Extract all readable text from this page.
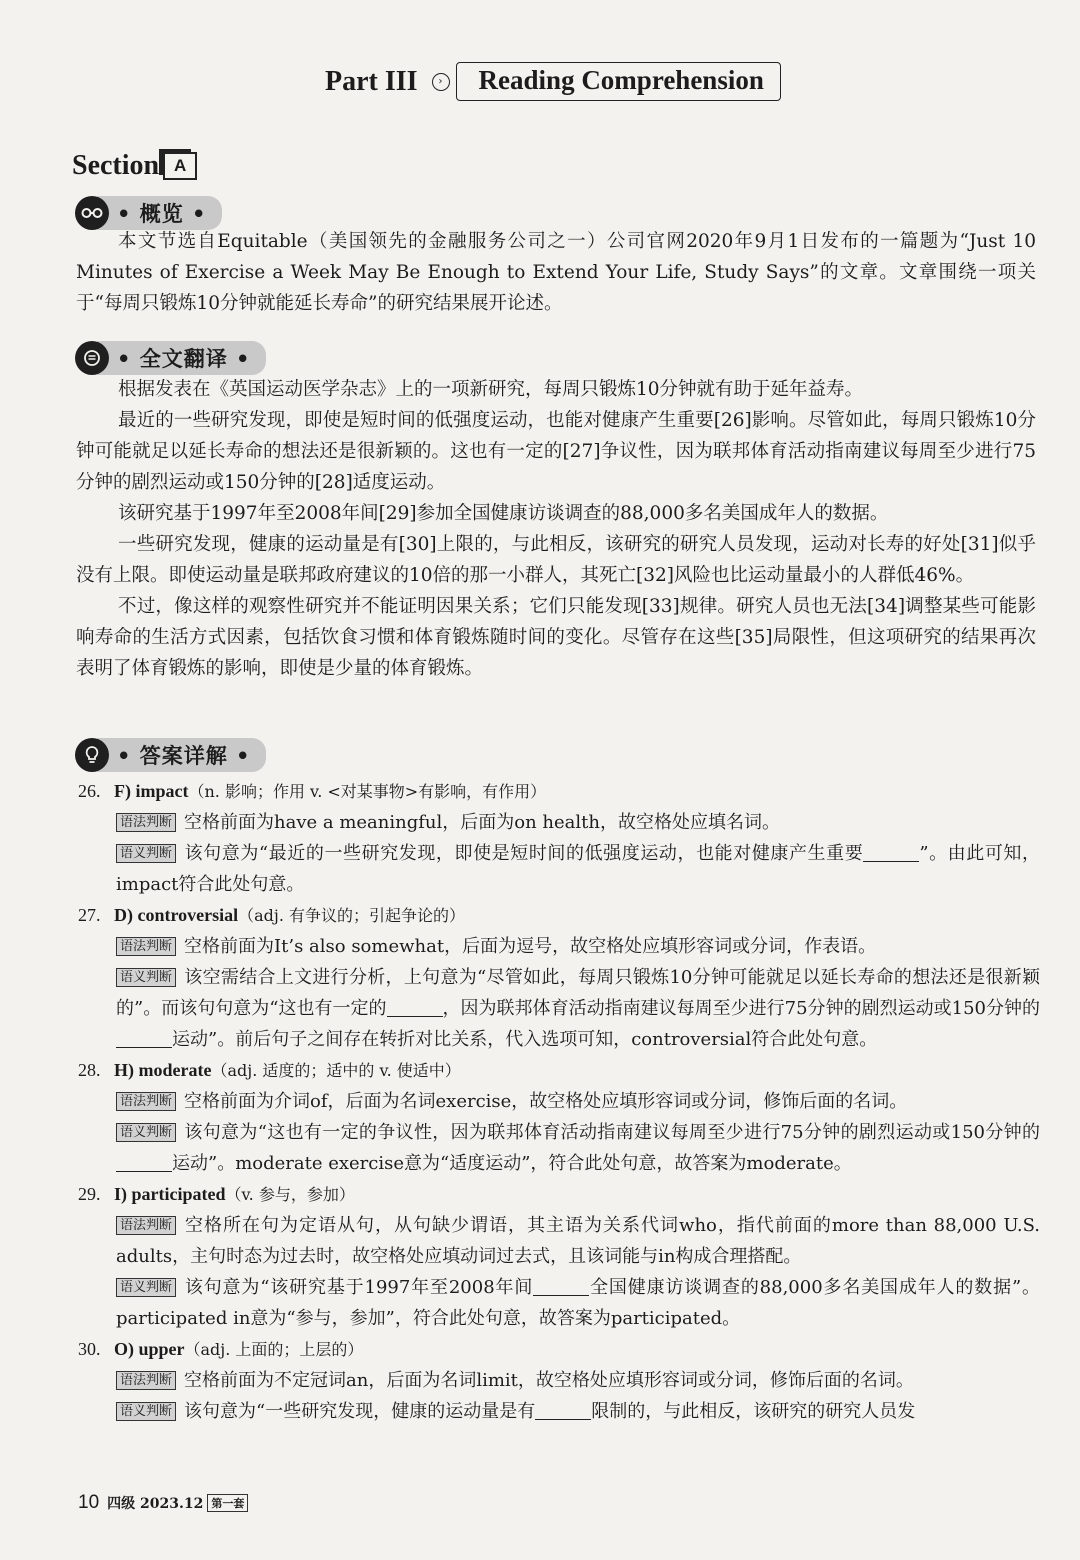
Part III	›	Reading Comprehension
Section A
• 概览 •
本文节选自Equitable（美国领先的金融服务公司之一）公司官网2020年9月1日发布的一篇题为“Just 10 Minutes of Exercise a Week May Be Enough to Extend Your Life, Study Says”的文章。文章围绕一项关于“每周只锻炼10分钟就能延长寿命”的研究结果展开论述。
• 全文翻译 •

根据发表在《英国运动医学杂志》上的一项新研究，每周只锻炼10分钟就有助于延年益寿。

最近的一些研究发现，即使是短时间的低强度运动，也能对健康产生重要[26]影响。尽管如此，每周只锻炼10分钟可能就足以延长寿命的想法还是很新颖的。这也有一定的[27]争议性，因为联邦体育活动指南建议每周至少进行75分钟的剧烈运动或150分钟的[28]适度运动。

该研究基于1997年至2008年间[29]参加全国健康访谈调查的88,000多名美国成年人的数据。

一些研究发现，健康的运动量是有[30]上限的，与此相反，该研究的研究人员发现，运动对长寿的好处[31]似乎没有上限。即使运动量是联邦政府建议的10倍的那一小群人，其死亡[32]风险也比运动量最小的人群低46%。

不过，像这样的观察性研究并不能证明因果关系；它们只能发现[33]规律。研究人员也无法[34]调整某些可能影响寿命的生活方式因素，包括饮食习惯和体育锻炼随时间的变化。尽管存在这些[35]局限性，但这项研究的结果再次表明了体育锻炼的影响，即使是少量的体育锻炼。

• 答案详解 •

26. F) impact（n. 影响；作用 v. <对某事物>有影响，有作用）

语法判断 空格前面为have a meaningful，后面为on health，故空格处应填名词。

语义判断 该句意为“最近的一些研究发现，即使是短时间的低强度运动，也能对健康产生重要	”。由此可知，impact符合此处句意。

27. D) controversial（adj. 有争议的；引起争论的）

语法判断 空格前面为It’s also somewhat，后面为逗号，故空格处应填形容词或分词，作表语。

语义判断 该空需结合上文进行分析，上句意为“尽管如此，每周只锻炼10分钟可能就足以延长寿命的想法还是很新颖的”。而该句句意为“这也有一定的	，因为联邦体育活动指南建议每周至少进行75分钟的剧烈运动或150分钟的运动”。前后句子之间存在转折对比关系，代入选项可知，controversial符合此处句意。

28. H) moderate（adj. 适度的；适中的 v. 使适中）

语法判断 空格前面为介词of，后面为名词exercise，故空格处应填形容词或分词，修饰后面的名词。

语义判断 该句意为“这也有一定的争议性，因为联邦体育活动指南建议每周至少进行75分钟的剧烈运动或150分钟的运动”。moderate exercise意为“适度运动”，符合此处句意，故答案为moderate。

29. I) participated（v. 参与，参加）

语法判断 空格所在句为定语从句，从句缺少谓语，其主语为关系代词who，指代前面的more than 88,000 U.S. adults，主句时态为过去时，故空格处应填动词过去式，且该词能与in构成合理搭配。

语义判断 该句意为“该研究基于1997年至2008年间	全国健康访谈调查的88,000多名美国成年人的数据”。participated in意为“参与，参加”，符合此处句意，故答案为participated。

30. O) upper（adj. 上面的；上层的）

语法判断 空格前面为不定冠词an，后面为名词limit，故空格处应填形容词或分词，修饰后面的名词。

语义判断 该句意为“一些研究发现，健康的运动量是有	限制的，与此相反，该研究的研究人员发

10 四级 2023.12 第一套
